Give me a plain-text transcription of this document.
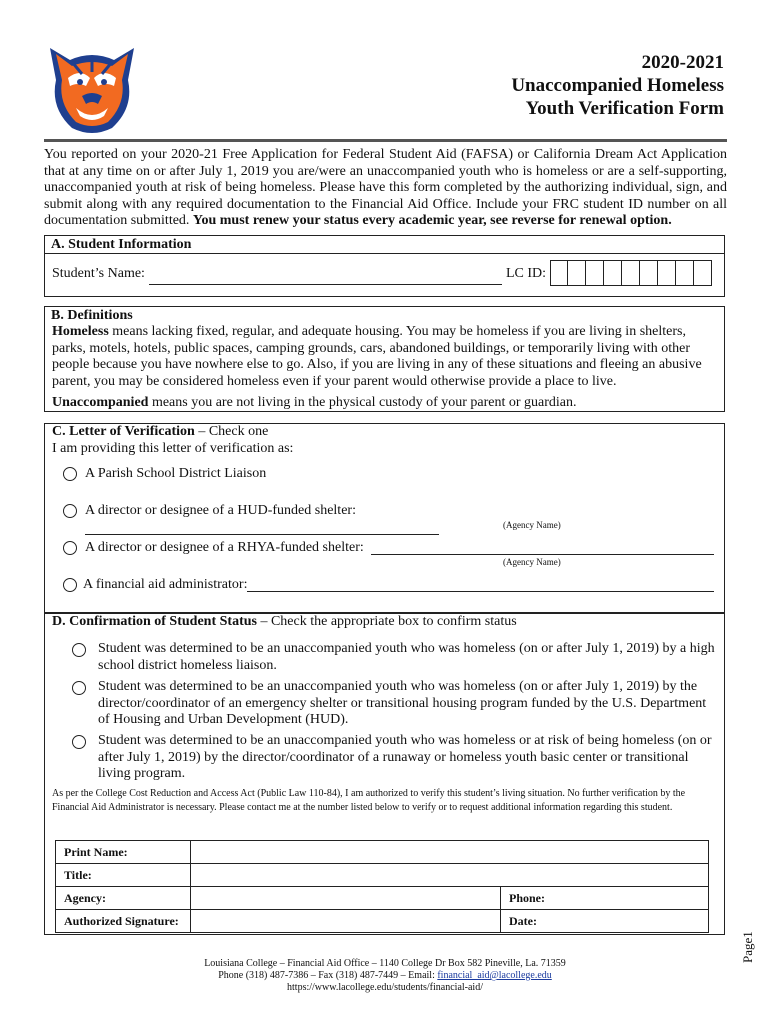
2020-2021
Unaccompanied Homeless
Youth Verification Form
You reported on your 2020-21 Free Application for Federal Student Aid (FAFSA) or California Dream Act Application that at any time on or after July 1, 2019 you are/were an unaccompanied youth who is homeless or are a self-supporting, unaccompanied youth at risk of being homeless. Please have this form completed by the authorizing individual, sign, and submit along with any required documentation to the Financial Aid Office. Include your FRC student ID number on all documentation submitted. You must renew your status every academic year, see reverse for renewal option.
A. Student Information
Student’s Name:	LC ID:
B. Definitions
Homeless means lacking fixed, regular, and adequate housing. You may be homeless if you are living in shelters, parks, motels, hotels, public spaces, camping grounds, cars, abandoned buildings, or temporarily living with other people because you have nowhere else to go. Also, if you are living in any of these situations and fleeing an abusive parent, you may be considered homeless even if your parent would otherwise provide a place to live.
Unaccompanied means you are not living in the physical custody of your parent or guardian.
C. Letter of Verification – Check one
I am providing this letter of verification as:
A Parish School District Liaison
A director or designee of a HUD-funded shelter:
(Agency Name)
A director or designee of a RHYA-funded shelter:
(Agency Name)
A financial aid administrator:
D. Confirmation of Student Status – Check the appropriate box to confirm status
Student was determined to be an unaccompanied youth who was homeless (on or after July 1, 2019) by a high school district homeless liaison.
Student was determined to be an unaccompanied youth who was homeless (on or after July 1, 2019) by the director/coordinator of an emergency shelter or transitional housing program funded by the U.S. Department of Housing and Urban Development (HUD).
Student was determined to be an unaccompanied youth who was homeless or at risk of being homeless (on or after July 1, 2019) by the director/coordinator of a runaway or homeless youth basic center or transitional living program.
As per the College Cost Reduction and Access Act (Public Law 110-84), I am authorized to verify this student’s living situation. No further verification by the Financial Aid Administrator is necessary. Please contact me at the number listed below to verify or to request additional information regarding this student.
Print Name:
Title:
Agency:	Phone:
Authorized Signature:	Date:
Page1
Louisiana College – Financial Aid Office – 1140 College Dr Box 582 Pineville, La. 71359
Phone (318) 487-7386 – Fax (318) 487-7449 – Email: financial_aid@lacollege.edu
https://www.lacollege.edu/students/financial-aid/
